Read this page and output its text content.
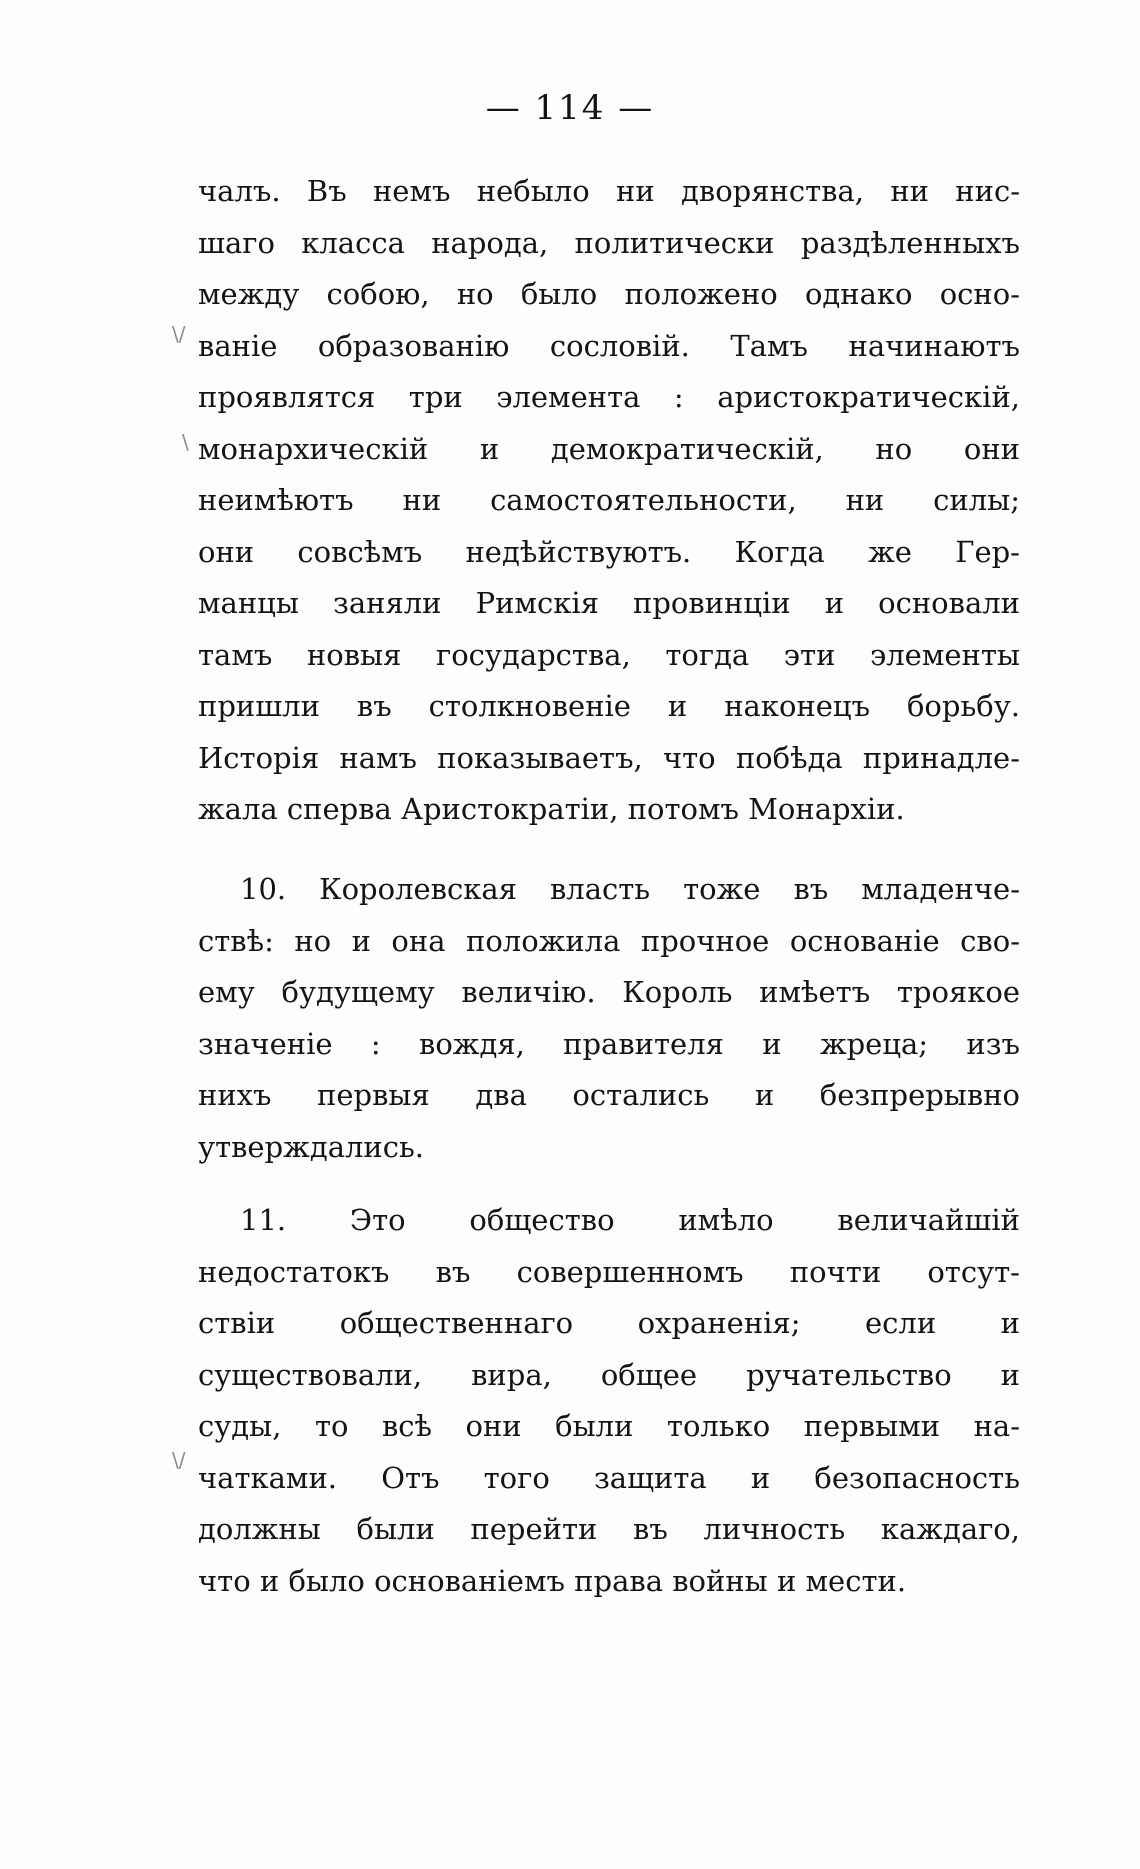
— 114 —
чалъ. Въ немъ небыло ни дворянства, ни нис-
шаго класса народа, политически раздѣленныхъ
между собою, но было положено однако осно-
ваніе образованію сословій. Тамъ начинаютъ
проявлятся три элемента : аристократическій,
монархическій и демократическій, но они
неимѣютъ ни самостоятельности, ни силы;
они совсѣмъ недѣйствуютъ. Когда же Гер-
манцы заняли Римскія провинціи и основали
тамъ новыя государства, тогда эти элементы
пришли въ столкновеніе и наконецъ борьбу.
Исторія намъ показываетъ, что побѣда принадле-
жала сперва Аристократіи, потомъ Монархіи.
10. Королевская власть тоже въ младенче-
ствѣ: но и она положила прочное основаніе сво-
ему будущему величію. Король имѣетъ троякое
значеніе : вождя, правителя и жреца; изъ
нихъ первыя два остались и безпрерывно
утверждались.
11. Это общество имѣло величайшій
недостатокъ въ совершенномъ почти отсут-
ствіи общественнаго охраненія; если и
существовали, вира, общее ручательство и
суды, то всѣ они были только первыми на-
чатками. Отъ того защита и безопасность
должны были перейти въ личность каждаго,
что и было основаніемъ права войны и мести.
\/
\
\/
